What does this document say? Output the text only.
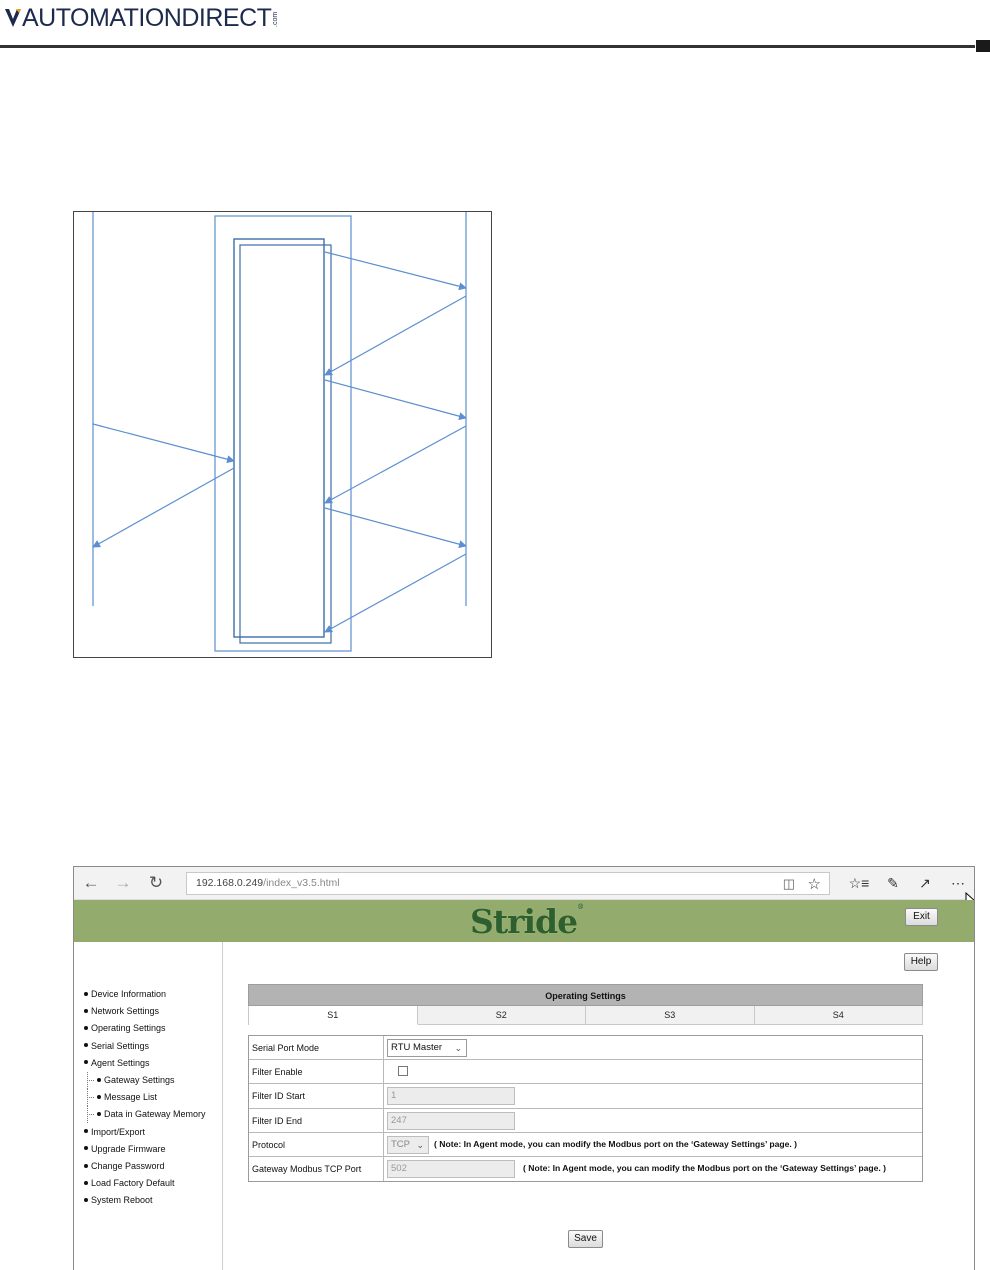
AUTOMATIONDIRECT .com
← → ↻	192.168.0.249/index_v3.5.html	◫ ☆ ☆≡	✎	↗	⋯
Stride®
Exit
Device Information
Network Settings
Operating Settings
Serial Settings
Agent Settings
Gateway Settings
Message List
Data in Gateway Memory
Import/Export
Upgrade Firmware
Change Password
Load Factory Default
System Reboot
Help
Operating Settings
S1	S2	S3	S4
Serial Port Mode	RTU Master ⌄
Filter Enable
Filter ID Start	1
Filter ID End	247
Protocol	TCP ⌄ ( Note: In Agent mode, you can modify the Modbus port on the ‘Gateway Settings’ page. )
Gateway Modbus TCP Port	502	( Note: In Agent mode, you can modify the Modbus port on the ‘Gateway Settings’ page. )
Save
